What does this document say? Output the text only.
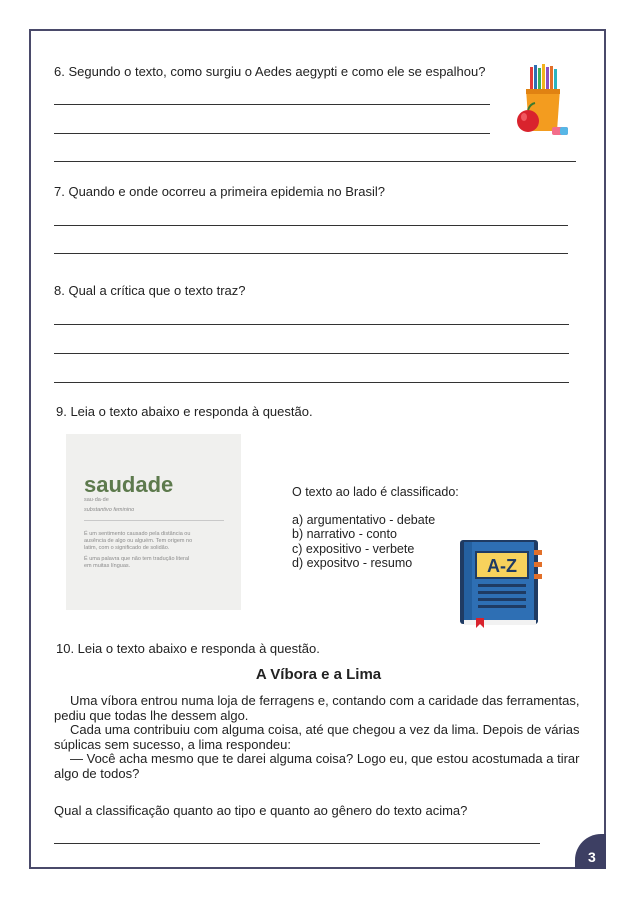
6. Segundo o texto, como surgiu o Aedes aegypti e como ele se espalhou?
7. Quando e onde ocorreu a primeira epidemia no Brasil?
8. Qual a crítica que o texto traz?
9. Leia o texto abaixo e responda à questão.
saudade
sau·da·de
substantivo feminino
É um sentimento causado pela distância ou
ausência de algo ou alguém. Tem origem no
latim, com o significado de solidão.
É uma palavra que não tem tradução literal
em muitas línguas.
O texto ao lado é classificado:
a) argumentativo - debate
b) narrativo - conto
c) expositivo - verbete
d) expositvo - resumo	A-Z
10. Leia o texto abaixo e responda à questão.
A Víbora e a Lima

Uma víbora entrou numa loja de ferragens e, contando com a caridade das ferramentas, pediu que todas lhe dessem algo.

Cada uma contribuiu com alguma coisa, até que chegou a vez da lima. Depois de várias súplicas sem sucesso, a lima respondeu:

— Você acha mesmo que te darei alguma coisa? Logo eu, que estou acostumada a tirar algo de todos?

Qual a classificação quanto ao tipo e quanto ao gênero do texto acima?
3
